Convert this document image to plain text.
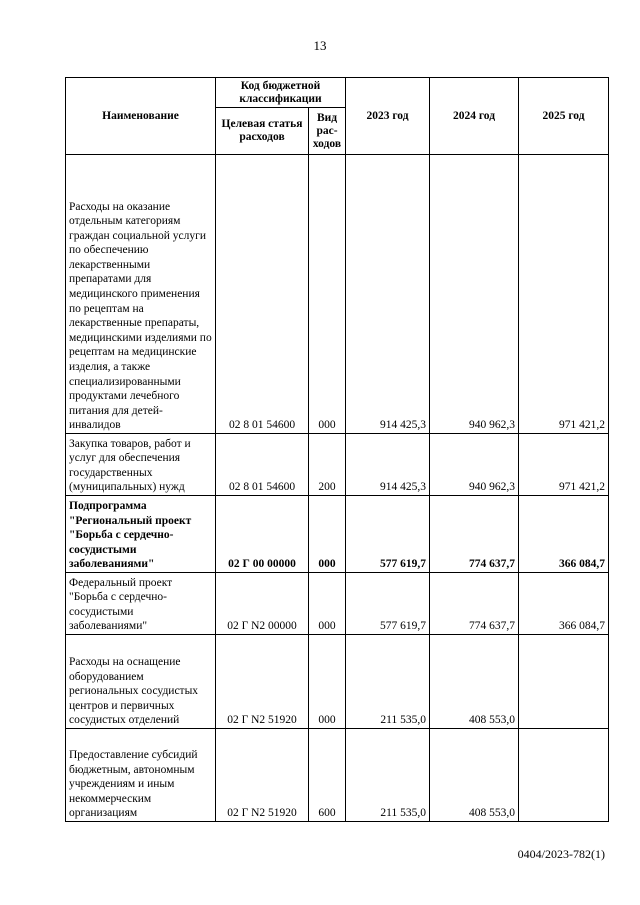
13
Наименование	Код бюджетной классификации		2023 год	2024 год	2025 год
	Целевая статья расходов	Вид рас-ходов			
Расходы на оказание отдельным категориям граждан социальной услуги по обеспечению лекарственными препаратами для медицинского применения по рецептам на лекарственные препараты, медицинскими изделиями по рецептам на медицинские изделия, а также специализированными продуктами лечебного питания для детей-инвалидов	02 8 01 54600	000	914 425,3	940 962,3	971 421,2
Закупка товаров, работ и услуг для обеспечения государственных (муниципальных) нужд	02 8 01 54600	200	914 425,3	940 962,3	971 421,2
Подпрограмма "Региональный проект "Борьба с сердечно-сосудистыми заболеваниями"	02 Г 00 00000	000	577 619,7	774 637,7	366 084,7
Федеральный проект "Борьба с сердечно-сосудистыми заболеваниями"	02 Г N2 00000	000	577 619,7	774 637,7	366 084,7
Расходы на оснащение оборудованием региональных сосудистых центров и первичных сосудистых отделений	02 Г N2 51920	000	211 535,0	408 553,0	
Предоставление субсидий бюджетным, автономным учреждениям и иным некоммерческим организациям	02 Г N2 51920	600	211 535,0	408 553,0	
0404/2023-782(1)
